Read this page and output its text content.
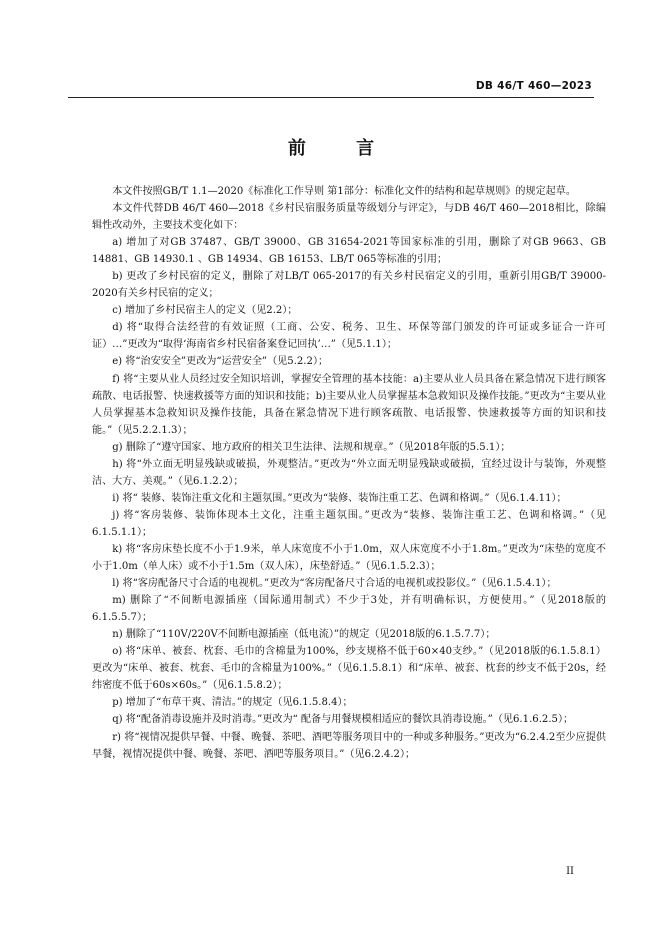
DB 46/T 460—2023
前 言

本文件按照GB/T 1.1—2020《标准化工作导则 第1部分：标准化文件的结构和起草规则》的规定起草。

本文件代替DB 46/T 460—2018《乡村民宿服务质量等级划分与评定》，与DB 46/T 460—2018相比，除编辑性改动外，主要技术变化如下：

a) 增加了对GB 37487、GB/T 39000、GB 31654-2021等国家标准的引用，删除了对GB 9663、GB 14881、GB 14930.1 、GB 14934、GB 16153、LB/T 065等标准的引用；

b) 更改了乡村民宿的定义，删除了对LB/T 065-2017的有关乡村民宿定义的引用，重新引用GB/T 39000-2020有关乡村民宿的定义；

c) 增加了乡村民宿主人的定义（见2.2）；

d) 将“取得合法经营的有效证照（工商、公安、税务、卫生、环保等部门颁发的许可证或多证合一许可证）…”更改为“取得‘海南省乡村民宿备案登记回执’…”（见5.1.1）；

e) 将“治安安全”更改为“运营安全”（见5.2.2）；

f) 将“主要从业人员经过安全知识培训，掌握安全管理的基本技能：a)主要从业人员具备在紧急情况下进行顾客疏散、电话报警、快速救援等方面的知识和技能；b)主要从业人员掌握基本急救知识及操作技能。”更改为“主要从业人员掌握基本急救知识及操作技能，具备在紧急情况下进行顾客疏散、电话报警、快速救援等方面的知识和技能。”（见5.2.2.1.3）；

g) 删除了“遵守国家、地方政府的相关卫生法律、法规和规章。”（见2018年版的5.5.1）；

h) 将“外立面无明显残缺或破损，外观整洁。”更改为“外立面无明显残缺或破损，宜经过设计与装饰，外观整洁、大方、美观。”（见6.1.2.2）；

i) 将“ 装修、装饰注重文化和主题氛围。”更改为“装修、装饰注重工艺、色调和格调。”（见6.1.4.11）；

j) 将“客房装修、装饰体现本土文化，注重主题氛围。”更改为“装修、装饰注重工艺、色调和格调。”（见6.1.5.1.1）；

k) 将“客房床垫长度不小于1.9米，单人床宽度不小于1.0m，双人床宽度不小于1.8m。”更改为“床垫的宽度不小于1.0m（单人床）或不小于1.5m（双人床），床垫舒适。”（见6.1.5.2.3）；

l) 将“客房配备尺寸合适的电视机。”更改为“客房配备尺寸合适的电视机或投影仪。”（见6.1.5.4.1）；

m) 删除了“不间断电源插座（国际通用制式）不少于3处，并有明确标识，方便使用。”（见2018版的6.1.5.5.7）；

n) 删除了“110V/220V不间断电源插座（低电流）”的规定（见2018版的6.1.5.7.7）；

o) 将“床单、被套、枕套、毛巾的含棉量为100%，纱支规格不低于60×40支纱。”（见2018版的6.1.5.8.1）更改为“床单、被套、枕套、毛巾的含棉量为100%。”（见6.1.5.8.1）和“床单、被套、枕套的纱支不低于20s，经纬密度不低于60s×60s。”（见6.1.5.8.2）；

p) 增加了“布草干爽、清洁。”的规定（见6.1.5.8.4）；

q) 将“配备消毒设施并及时消毒。”更改为“ 配备与用餐规模相适应的餐饮具消毒设施。”（见6.1.6.2.5）；

r) 将“视情况提供早餐、中餐、晚餐、茶吧、酒吧等服务项目中的一种或多种服务。”更改为“6.2.4.2至少应提供早餐，视情况提供中餐、晚餐、茶吧、酒吧等服务项目。”（见6.2.4.2）；

II
